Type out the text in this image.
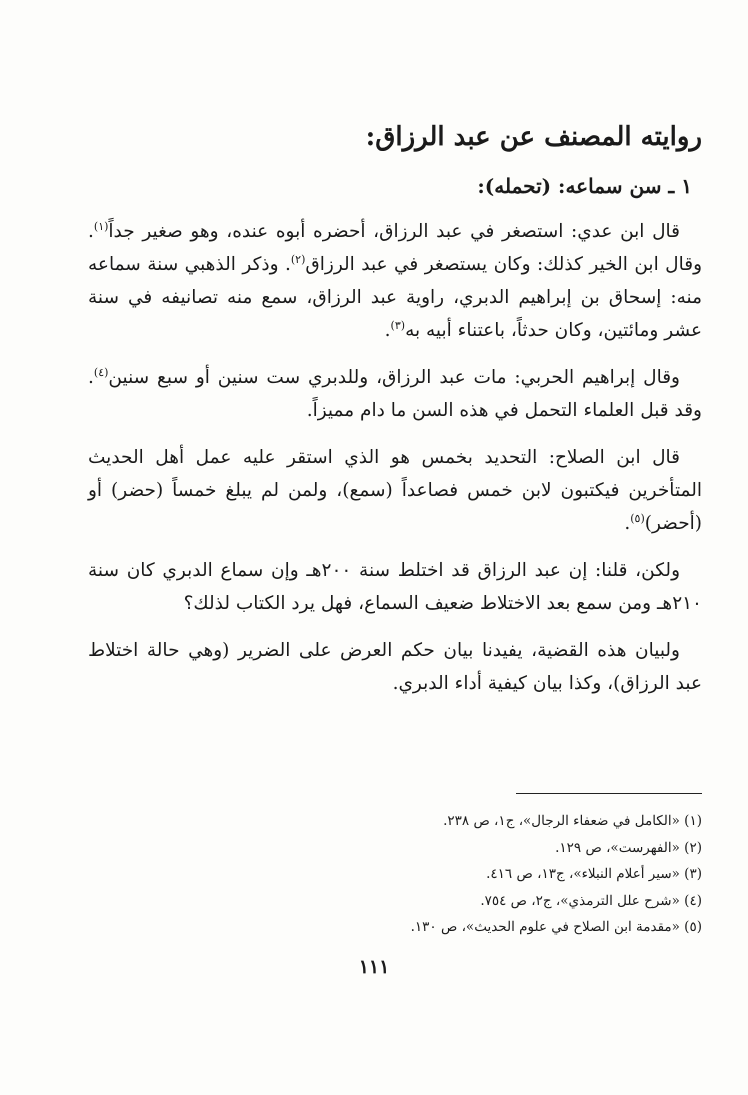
روايته المصنف عن عبد الرزاق:
١ ـ سن سماعه: (تحمله):

قال ابن عدي: استصغر في عبد الرزاق، أحضره أبوه عنده، وهو صغير جداً$^{(١)}$. وقال ابن الخير كذلك: وكان يستصغر في عبد الرزاق$^{(٢)}$. وذكر الذهبي سنة سماعه منه: إسحاق بن إبراهيم الدبري، راوية عبد الرزاق، سمع منه تصانيفه في سنة عشر ومائتين، وكان حدثاً، باعتناء أبيه به$^{(٣)}$.

وقال إبراهيم الحربي: مات عبد الرزاق، وللدبري ست سنين أو سبع سنين$^{(٤)}$. وقد قبل العلماء التحمل في هذه السن ما دام مميزاً.

قال ابن الصلاح: التحديد بخمس هو الذي استقر عليه عمل أهل الحديث المتأخرين فيكتبون لابن خمس فصاعداً (سمع)، ولمن لم يبلغ خمساً (حضر) أو (أحضر)$^{(٥)}$.

ولكن، قلنا: إن عبد الرزاق قد اختلط سنة ٢٠٠هـ وإن سماع الدبري كان سنة ٢١٠هـ ومن سمع بعد الاختلاط ضعيف السماع، فهل يرد الكتاب لذلك؟

ولبيان هذه القضية، يفيدنا بيان حكم العرض على الضرير (وهي حالة اختلاط عبد الرزاق)، وكذا بيان كيفية أداء الدبري.

(١) «الكامل في ضعفاء الرجال»، ج١، ص ٢٣٨.
(٢) «الفهرست»، ص ١٢٩.
(٣) «سير أعلام النبلاء»، ج١٣، ص ٤١٦.
(٤) «شرح علل الترمذي»، ج٢، ص ٧٥٤.
(٥) «مقدمة ابن الصلاح في علوم الحديث»، ص ١٣٠.
١١١
